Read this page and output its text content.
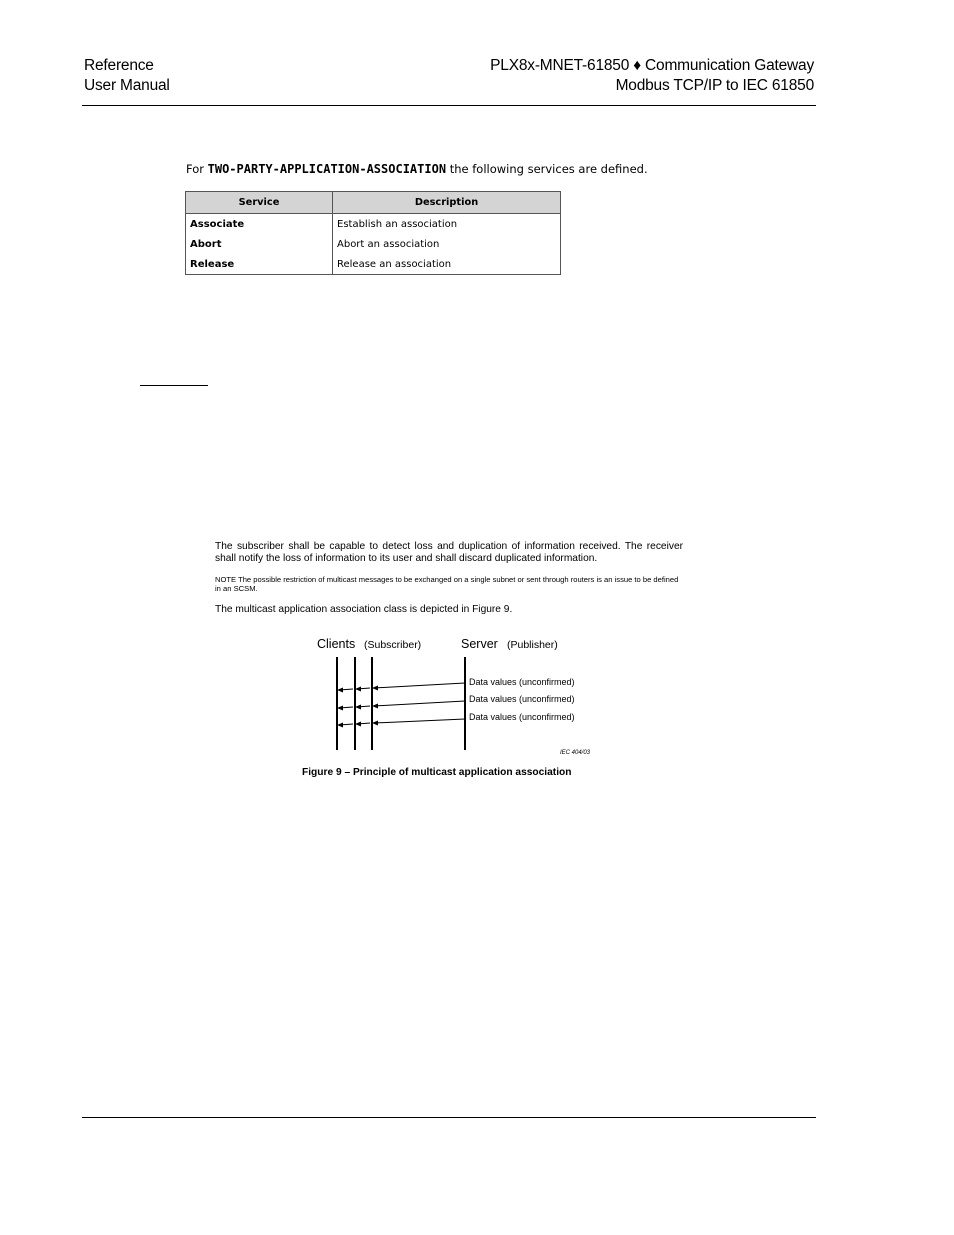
Reference
User Manual
PLX8x-MNET-61850 ♦ Communication Gateway
Modbus TCP/IP to IEC 61850
For TWO-PARTY-APPLICATION-ASSOCIATION the following services are defined.
Service	Description
Associate	Establish an association
Abort	Abort an association
Release	Release an association
The subscriber shall be capable to detect loss and duplication of information received. The receiver shall notify the loss of information to its user and shall discard duplicated information.
NOTE The possible restriction of multicast messages to be exchanged on a single subnet or sent through routers is an issue to be defined in an SCSM.
The multicast application association class is depicted in Figure 9.
Clients (Subscriber)	Server (Publisher)
Data values (unconfirmed)
Data values (unconfirmed)
Data values (unconfirmed)
IEC 404/03
Figure 9 – Principle of multicast application association
